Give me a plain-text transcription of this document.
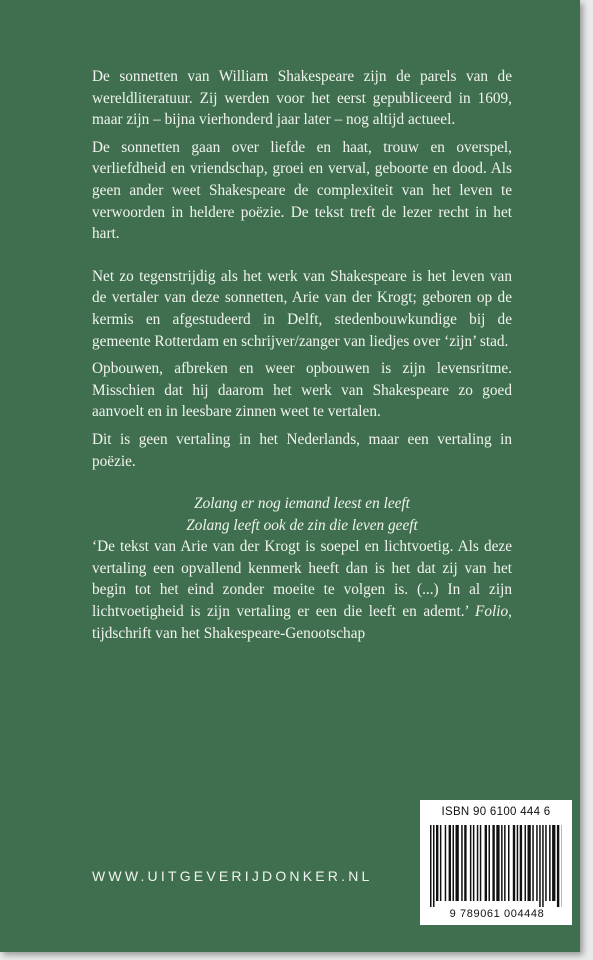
De sonnetten van William Shakespeare zijn de parels van de wereldliteratuur. Zij werden voor het eerst gepubliceerd in 1609, maar zijn – bijna vierhonderd jaar later – nog altijd actueel.

De sonnetten gaan over liefde en haat, trouw en overspel, verliefdheid en vriendschap, groei en verval, geboorte en dood. Als geen ander weet Shakespeare de complexiteit van het leven te verwoorden in heldere poëzie. De tekst treft de lezer recht in het hart.

Net zo tegenstrijdig als het werk van Shakespeare is het leven van de vertaler van deze sonnetten, Arie van der Krogt; geboren op de kermis en afgestudeerd in Delft, stedenbouwkundige bij de gemeente Rotterdam en schrijver/zanger van liedjes over ‘zijn’ stad.

Opbouwen, afbreken en weer opbouwen is zijn levensritme. Misschien dat hij daarom het werk van Shakespeare zo goed aanvoelt en in leesbare zinnen weet te vertalen.

Dit is geen vertaling in het Nederlands, maar een vertaling in poëzie.

Zolang er nog iemand leest en leeft
Zolang leeft ook de zin die leven geeft

‘De tekst van Arie van der Krogt is soepel en lichtvoetig. Als deze vertaling een opvallend kenmerk heeft dan is het dat zij van het begin tot het eind zonder moeite te volgen is. (...) In al zijn lichtvoetigheid is zijn vertaling er een die leeft en ademt.’ Folio, tijdschrift van het Shakespeare-Genootschap

WWW.UITGEVERIJDONKER.NL
ISBN 90 6100 444 6
9 789061 004448
